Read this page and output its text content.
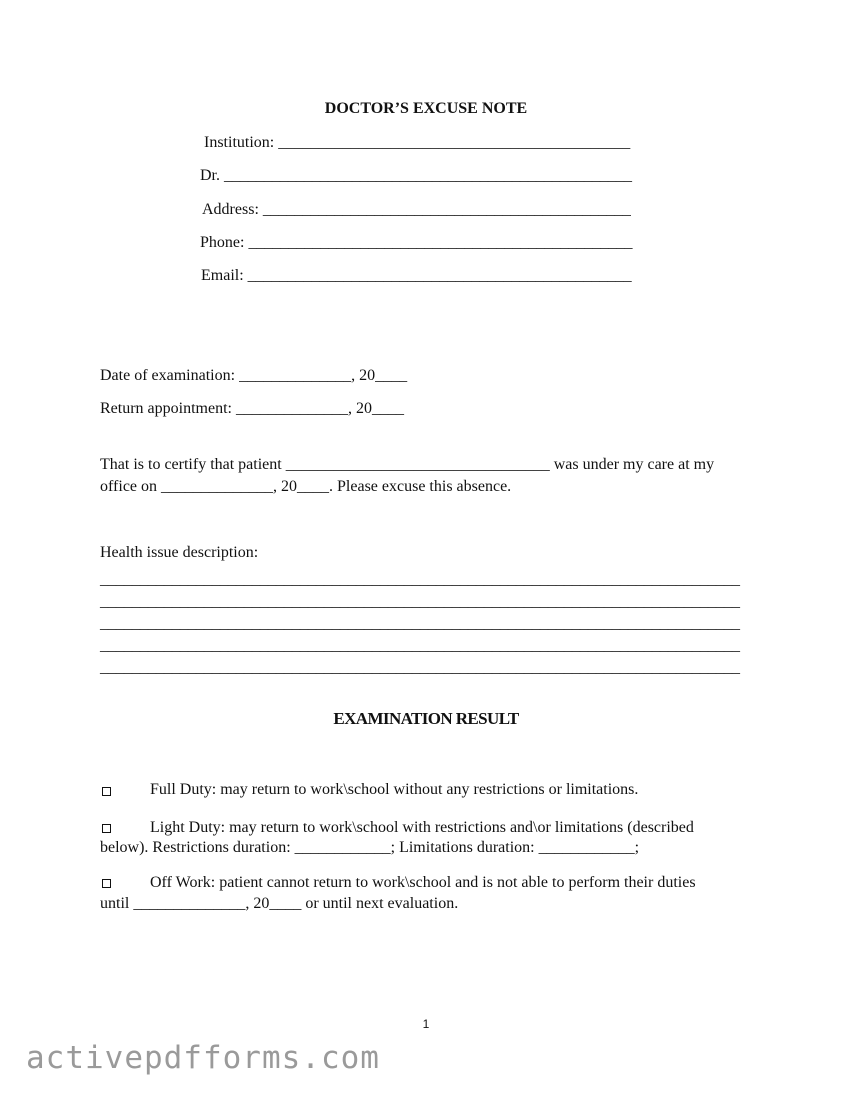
DOCTOR’S EXCUSE NOTE
Institution: ____________________________________________
Dr. ___________________________________________________
Address: ______________________________________________
Phone: ________________________________________________
Email: ________________________________________________
Date of examination: ______________, 20____
Return appointment: ______________, 20____
That is to certify that patient _________________________________ was under my care at my
office on ______________, 20____. Please excuse this absence.
Health issue description:
________________________________________________________________________________
________________________________________________________________________________
________________________________________________________________________________
________________________________________________________________________________
________________________________________________________________________________
EXAMINATION RESULT
Full Duty: may return to work\school without any restrictions or limitations.
Light Duty: may return to work\school with restrictions and\or limitations (described
below). Restrictions duration: ____________; Limitations duration: ____________;
Off Work: patient cannot return to work\school and is not able to perform their duties
until ______________, 20____ or until next evaluation.
1
activepdfforms.com
